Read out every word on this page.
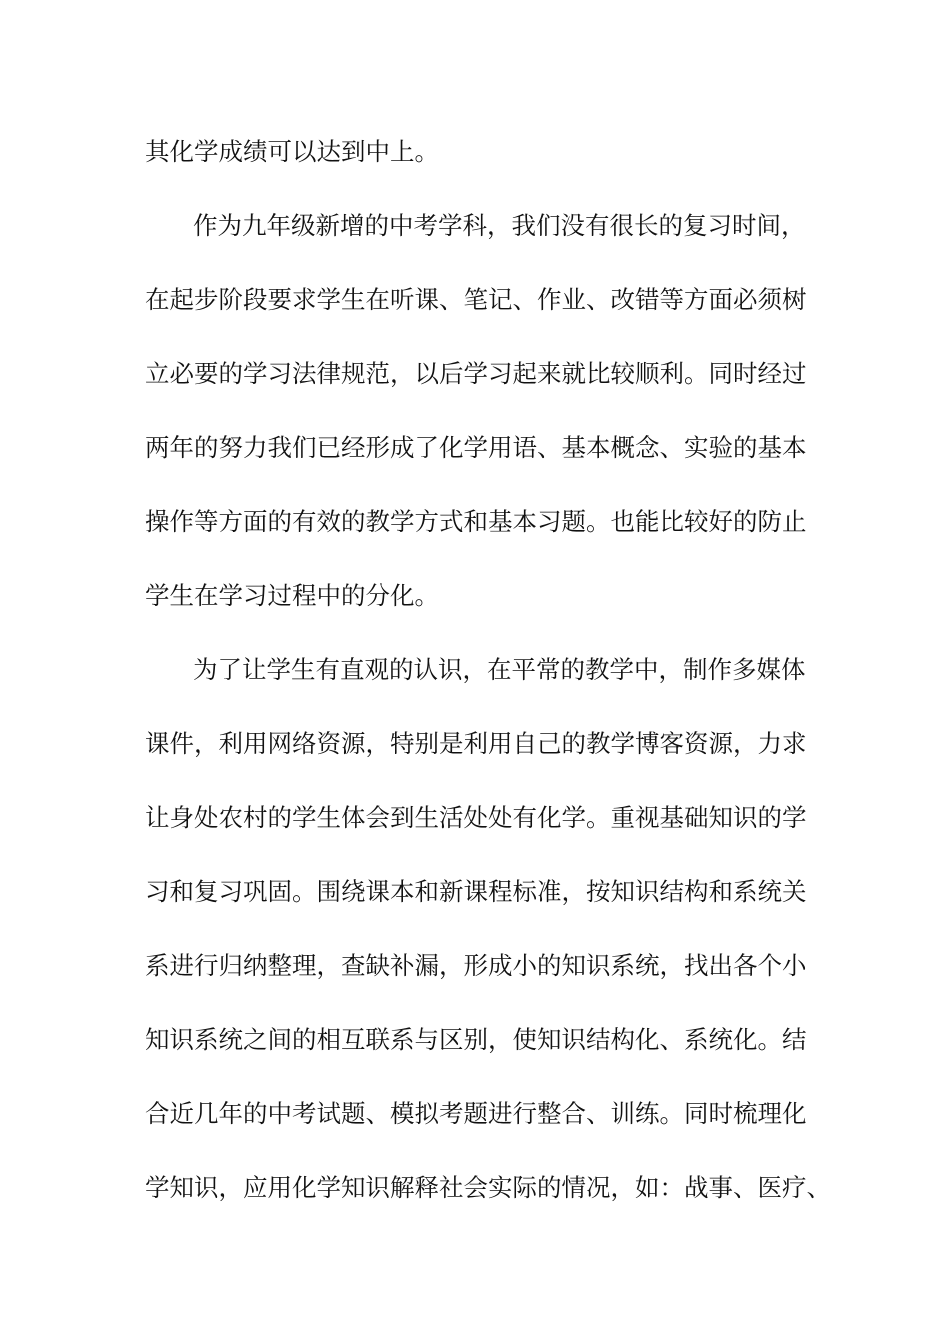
其化学成绩可以达到中上。
作为九年级新增的中考学科，我们没有很长的复习时间，
在起步阶段要求学生在听课、笔记、作业、改错等方面必须树
立必要的学习法律规范，以后学习起来就比较顺利。同时经过
两年的努力我们已经形成了化学用语、基本概念、实验的基本
操作等方面的有效的教学方式和基本习题。也能比较好的防止
学生在学习过程中的分化。
为了让学生有直观的认识，在平常的教学中，制作多媒体
课件，利用网络资源，特别是利用自己的教学博客资源，力求
让身处农村的学生体会到生活处处有化学。重视基础知识的学
习和复习巩固。围绕课本和新课程标准，按知识结构和系统关
系进行归纳整理，查缺补漏，形成小的知识系统，找出各个小
知识系统之间的相互联系与区别，使知识结构化、系统化。结
合近几年的中考试题、模拟考题进行整合、训练。同时梳理化
学知识，应用化学知识解释社会实际的情况，如：战事、医疗、
